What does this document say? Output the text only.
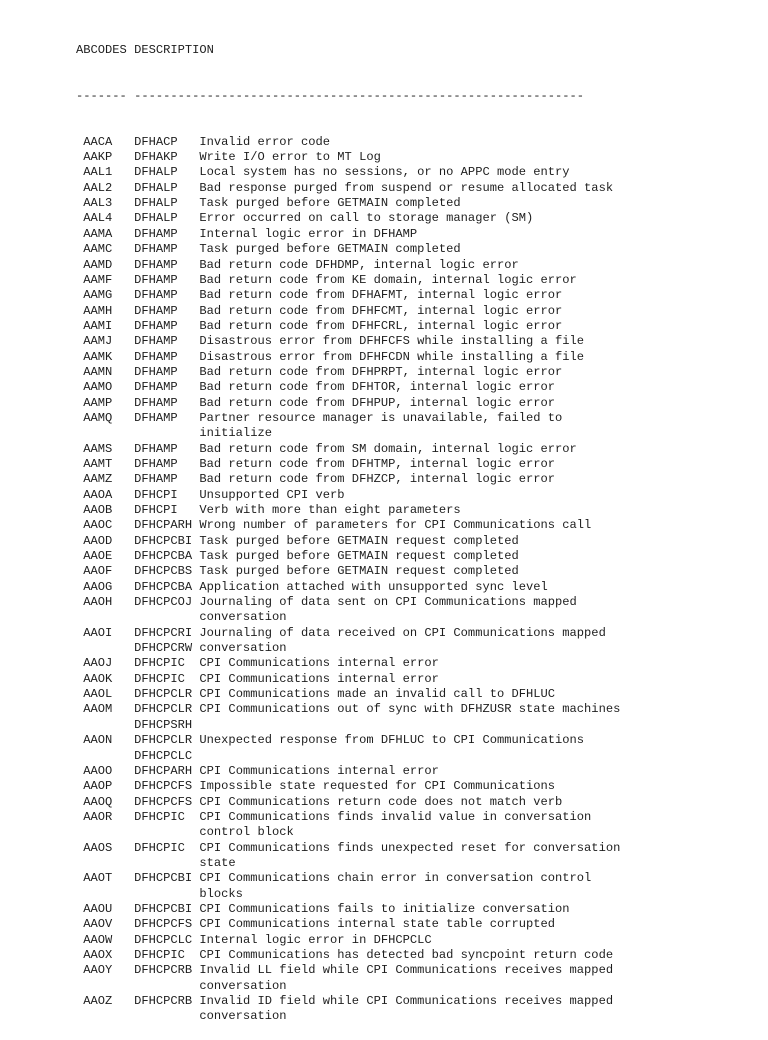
ABCODES DESCRIPTION

------- --------------------------------------------------------------

AACA DFHACP Invalid error code
AAKP DFHAKP Write I/O error to MT Log
AAL1 DFHALP Local system has no sessions, or no APPC mode entry
AAL2 DFHALP Bad response purged from suspend or resume allocated task
AAL3 DFHALP Task purged before GETMAIN completed
AAL4 DFHALP Error occurred on call to storage manager (SM)
AAMA DFHAMP Internal logic error in DFHAMP
AAMC DFHAMP Task purged before GETMAIN completed
AAMD DFHAMP Bad return code DFHDMP, internal logic error
AAMF DFHAMP Bad return code from KE domain, internal logic error
AAMG DFHAMP Bad return code from DFHAFMT, internal logic error
AAMH DFHAMP Bad return code from DFHFCMT, internal logic error
AAMI DFHAMP Bad return code from DFHFCRL, internal logic error
AAMJ DFHAMP Disastrous error from DFHFCFS while installing a file
AAMK DFHAMP Disastrous error from DFHFCDN while installing a file
AAMN DFHAMP Bad return code from DFHPRPT, internal logic error
AAMO DFHAMP Bad return code from DFHTOR, internal logic error
AAMP DFHAMP Bad return code from DFHPUP, internal logic error
AAMQ DFHAMP Partner resource manager is unavailable, failed to
initialize
AAMS DFHAMP Bad return code from SM domain, internal logic error
AAMT DFHAMP Bad return code from DFHTMP, internal logic error
AAMZ DFHAMP Bad return code from DFHZCP, internal logic error
AAOA DFHCPI Unsupported CPI verb
AAOB DFHCPI Verb with more than eight parameters
AAOC DFHCPARH Wrong number of parameters for CPI Communications call
AAOD DFHCPCBI Task purged before GETMAIN request completed
AAOE DFHCPCBA Task purged before GETMAIN request completed
AAOF DFHCPCBS Task purged before GETMAIN request completed
AAOG DFHCPCBA Application attached with unsupported sync level
AAOH DFHCPCOJ Journaling of data sent on CPI Communications mapped
conversation
AAOI DFHCPCRI Journaling of data received on CPI Communications mapped
DFHCPCRW conversation
AAOJ DFHCPIC CPI Communications internal error
AAOK DFHCPIC CPI Communications internal error
AAOL DFHCPCLR CPI Communications made an invalid call to DFHLUC
AAOM DFHCPCLR CPI Communications out of sync with DFHZUSR state machines
DFHCPSRH
AAON DFHCPCLR Unexpected response from DFHLUC to CPI Communications
DFHCPCLC
AAOO DFHCPARH CPI Communications internal error
AAOP DFHCPCFS Impossible state requested for CPI Communications
AAOQ DFHCPCFS CPI Communications return code does not match verb
AAOR DFHCPIC CPI Communications finds invalid value in conversation
control block
AAOS DFHCPIC CPI Communications finds unexpected reset for conversation
state
AAOT DFHCPCBI CPI Communications chain error in conversation control
blocks
AAOU DFHCPCBI CPI Communications fails to initialize conversation
AAOV DFHCPCFS CPI Communications internal state table corrupted
AAOW DFHCPCLC Internal logic error in DFHCPCLC
AAOX DFHCPIC CPI Communications has detected bad syncpoint return code
AAOY DFHCPCRB Invalid LL field while CPI Communications receives mapped
conversation
AAOZ DFHCPCRB Invalid ID field while CPI Communications receives mapped
conversation
